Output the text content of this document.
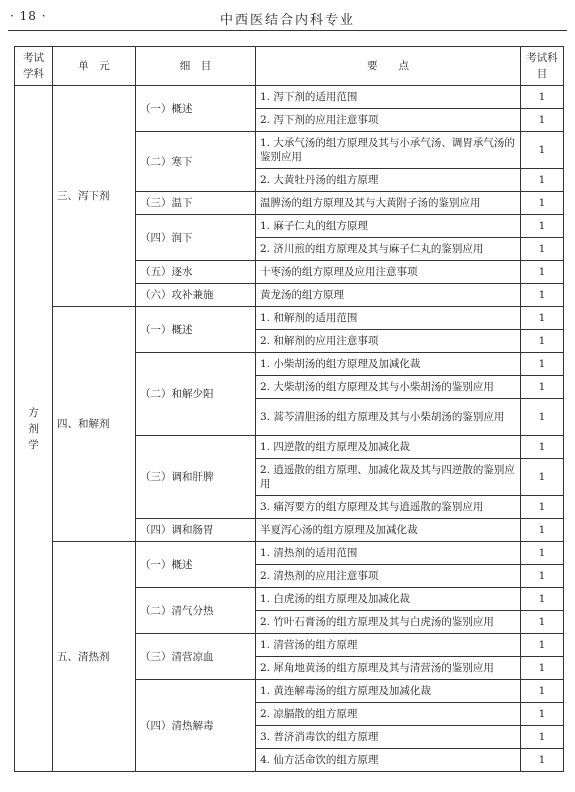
· 18 ·	中西医结合内科专业
考试学科	单　元	细　目	要　　点	考试科目
方剂学	三、泻下剂	（一）概述	1. 泻下剂的适用范围	1
			2. 泻下剂的应用注意事项	1
		（二）寒下	1. 大承气汤的组方原理及其与小承气汤、调胃承气汤的鉴别应用	1
			2. 大黄牡丹汤的组方原理	1
		（三）温下	温脾汤的组方原理及其与大黄附子汤的鉴别应用	1
		（四）润下	1. 麻子仁丸的组方原理	1
			2. 济川煎的组方原理及其与麻子仁丸的鉴别应用	1
		（五）逐水	十枣汤的组方原理及应用注意事项	1
		（六）攻补兼施	黄龙汤的组方原理	1
	四、和解剂	（一）概述	1. 和解剂的适用范围	1
			2. 和解剂的应用注意事项	1
		（二）和解少阳	1. 小柴胡汤的组方原理及加减化裁	1
			2. 大柴胡汤的组方原理及其与小柴胡汤的鉴别应用	1
			3. 蒿芩清胆汤的组方原理及其与小柴胡汤的鉴别应用	1
		（三）调和肝脾	1. 四逆散的组方原理及加减化裁	1
			2. 逍遥散的组方原理、加减化裁及其与四逆散的鉴别应用	1
			3. 痛泻要方的组方原理及其与逍遥散的鉴别应用	1
		（四）调和肠胃	半夏泻心汤的组方原理及加减化裁	1
	五、清热剂	（一）概述	1. 清热剂的适用范围	1
			2. 清热剂的应用注意事项	1
		（二）清气分热	1. 白虎汤的组方原理及加减化裁	1
			2. 竹叶石膏汤的组方原理及其与白虎汤的鉴别应用	1
		（三）清营凉血	1. 清营汤的组方原理	1
			2. 犀角地黄汤的组方原理及其与清营汤的鉴别应用	1
		（四）清热解毒	1. 黄连解毒汤的组方原理及加减化裁	1
			2. 凉膈散的组方原理	1
			3. 普济消毒饮的组方原理	1
			4. 仙方活命饮的组方原理	1
